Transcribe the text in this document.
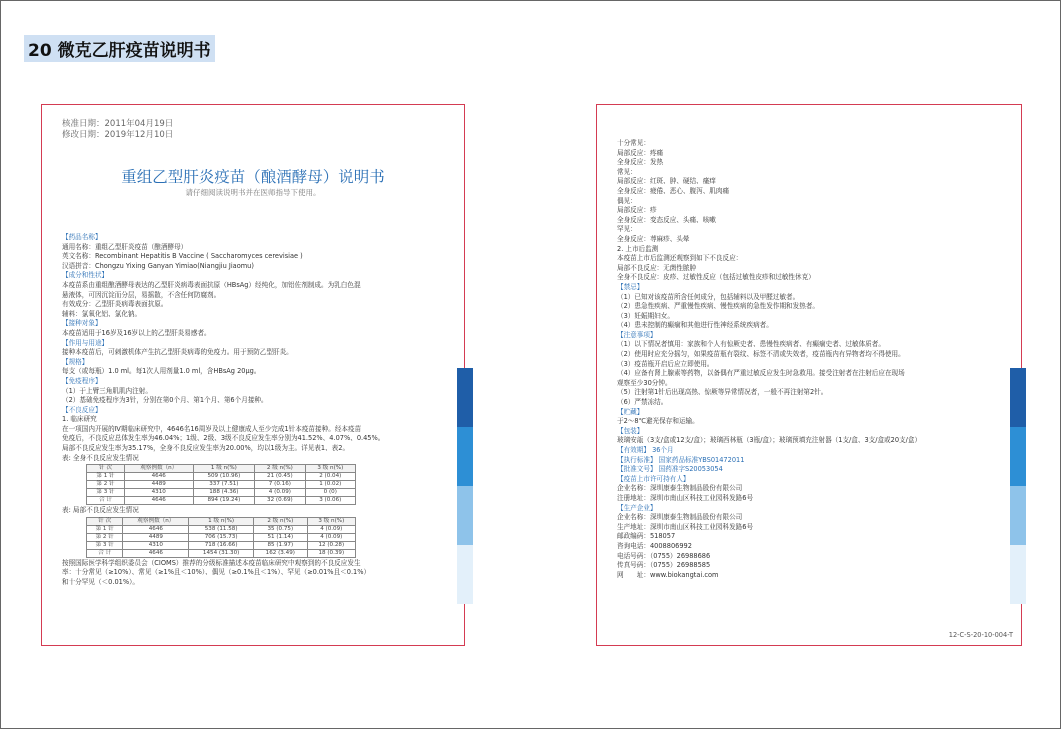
20 微克乙肝疫苗说明书
核准日期：2011年04月19日
修改日期：2019年12月10日
重组乙型肝炎疫苗（酿酒酵母）说明书
请仔细阅读说明书并在医师指导下使用。
【药品名称】
通用名称：重组乙型肝炎疫苗（酿酒酵母）
英文名称：Recombinant Hepatitis B Vaccine ( Saccharomyces cerevisiae )
汉语拼音：Chongzu Yixing Ganyan Yimiao(Niangjiu Jiaomu)
【成分和性状】
本疫苗系由重组酿酒酵母表达的乙型肝炎病毒表面抗原（HBsAg）经纯化，加铝佐剂制成。为乳白色混
悬液体，可因沉淀而分层，易摇散，不含任何防腐剂。
有效成分：乙型肝炎病毒表面抗原。
辅料：氯氧化铝、氯化钠。
【接种对象】
本疫苗适用于16岁及16岁以上的乙型肝炎易感者。
【作用与用途】
接种本疫苗后，可刺激机体产生抗乙型肝炎病毒的免疫力。用于预防乙型肝炎。
【规格】
每支（或每瓶）1.0 ml。每1次人用剂量1.0 ml，含HBsAg 20μg。
【免疫程序】
（1）于上臂三角肌肌内注射。
（2）基础免疫程序为3针，分别在第0个月、第1个月、第6个月接种。
【不良反应】
1. 临床研究
在一项国内开展的Ⅳ期临床研究中，4646名16周岁及以上健康成人至少完成1针本疫苗接种。经本疫苗
免疫后，不良反应总体发生率为46.04%；1级、2级、3级不良反应发生率分别为41.52%、4.07%、0.45%。
局部不良反应发生率为35.17%，全身不良反应发生率为20.00%，均以1级为主。详见表1、表2。
表: 全身不良反应发生情况
针 次	观察例数（n）	1 级 n(%)	2 级 n(%)	3 级 n(%)
第 1 针	4646	509 (10.96)	21 (0.45)	2 (0.04)
第 2 针	4489	337 (7.51)	7 (0.16)	1 (0.02)
第 3 针	4310	188 (4.36)	4 (0.09)	0 (0)
合 计	4646	894 (19.24)	32 (0.69)	3 (0.06)
表: 局部不良反应发生情况
针 次	观察例数（n）	1 级 n(%)	2 级 n(%)	3 级 n(%)
第 1 针	4646	538 (11.58)	35 (0.75)	4 (0.09)
第 2 针	4489	706 (15.73)	51 (1.14)	4 (0.09)
第 3 针	4310	718 (16.66)	85 (1.97)	12 (0.28)
合 计	4646	1454 (31.30)	162 (3.49)	18 (0.39)
按照国际医学科学组织委员会（CIOMS）推荐的分级标准描述本疫苗临床研究中观察到的不良反应发生
率：十分常见（≥10%）、常见（≥1%且＜10%）、偶见（≥0.1%且＜1%）、罕见（≥0.01%且＜0.1%）
和十分罕见（＜0.01%）。
十分常见：
局部反应：疼痛
全身反应：发热
常见：
局部反应：红斑、肿、硬结、瘙痒
全身反应：疲倦、恶心、腹泻、肌肉痛
偶见：
局部反应：疹
全身反应：变态反应、头痛、咳嗽
罕见：
全身反应：荨麻疹、头晕
2. 上市后监测
本疫苗上市后监测还观察到如下不良反应：
局部不良反应：无菌性脓肿
全身不良反应：皮疹、过敏性反应（包括过敏性皮疹和过敏性休克）
【禁忌】
（1）已知对该疫苗所含任何成分，包括辅料以及甲醛过敏者。
（2）患急性疾病、严重慢性疾病、慢性疾病的急性发作期和发热者。
（3）妊娠期妇女。
（4）患未控制的癫痫和其他进行性神经系统疾病者。
【注意事项】
（1）以下情况者慎用：家族和个人有惊厥史者、患慢性疾病者、有癫痫史者、过敏体质者。
（2）使用时应充分摇匀，如果疫苗瓶有裂纹、标签不清或失效者，疫苗瓶内有异物者均不得使用。
（3）疫苗瓶开启后应立即使用。
（4）应备有肾上腺素等药物，以备偶有严重过敏反应发生时急救用。接受注射者在注射后应在现场
观察至少30分钟。
（5）注射第1针后出现高热、惊厥等异常情况者，一般不再注射第2针。
（6）严禁冻结。
【贮藏】
于2～8℃避光保存和运输。
【包装】
玻璃安瓿（3支/盒或12支/盒）；玻璃西林瓶（3瓶/盒）；玻璃预填充注射器（1支/盒、3支/盒或20支/盒）
【有效期】 36个月
【执行标准】 国家药品标准YBS01472011
【批准文号】 国药准字S20053054
【疫苗上市许可持有人】
企业名称：深圳康泰生物制品股份有限公司
注册地址：深圳市南山区科技工业园科发路6号
【生产企业】
企业名称：深圳康泰生物制品股份有限公司
生产地址：深圳市南山区科技工业园科发路6号
邮政编码：518057
咨询电话：4008806992
电话号码：（0755）26988686
传真号码：（0755）26988585
网　　址：www.biokangtai.com
12-C-S-20-10-004-T
